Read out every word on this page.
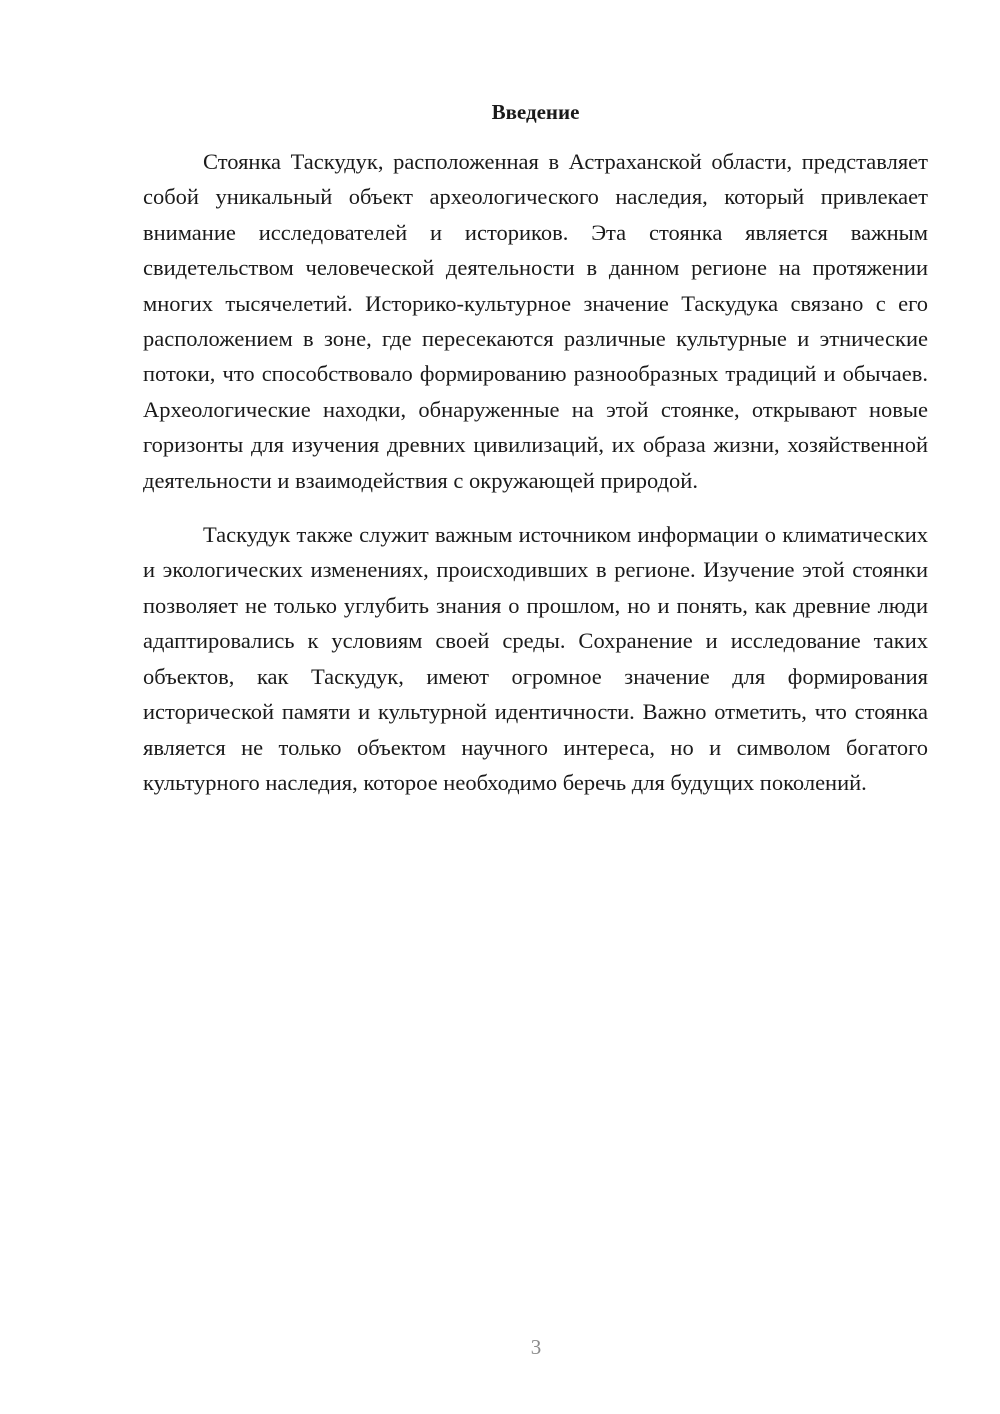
Введение

Стоянка Таскудук, расположенная в Астраханской области, представляет собой уникальный объект археологического наследия, который привлекает внимание исследователей и историков. Эта стоянка является важным свидетельством человеческой деятельности в данном регионе на протяжении многих тысячелетий. Историко-культурное значение Таскудука связано с его расположением в зоне, где пересекаются различные культурные и этнические потоки, что способствовало формированию разнообразных традиций и обычаев. Археологические находки, обнаруженные на этой стоянке, открывают новые горизонты для изучения древних цивилизаций, их образа жизни, хозяйственной деятельности и взаимодействия с окружающей природой.

Таскудук также служит важным источником информации о климатических и экологических изменениях, происходивших в регионе. Изучение этой стоянки позволяет не только углубить знания о прошлом, но и понять, как древние люди адаптировались к условиям своей среды. Сохранение и исследование таких объектов, как Таскудук, имеют огромное значение для формирования исторической памяти и культурной идентичности. Важно отметить, что стоянка является не только объектом научного интереса, но и символом богатого культурного наследия, которое необходимо беречь для будущих поколений.

3
